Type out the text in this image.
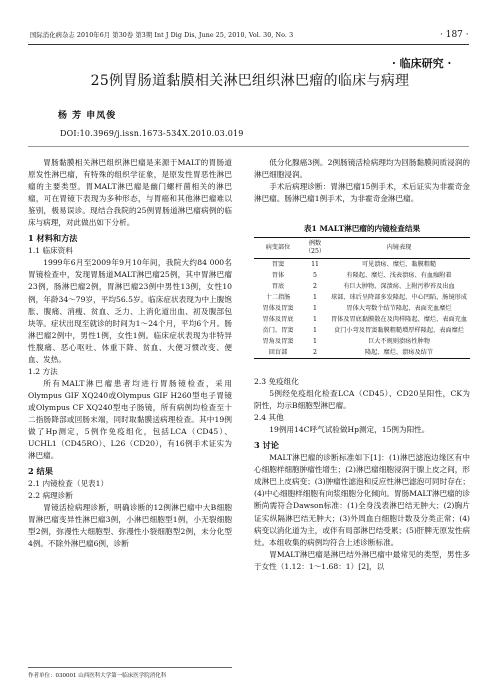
国际消化病杂志 2010年6月 第30卷 第3期 Int J Dig Dis, June 25, 2010, Vol. 30, No. 3	· 187 ·
· 临床研究 ·
25例胃肠道黏膜相关淋巴组织淋巴瘤的临床与病理
杨 芳 申凤俊
DOI:10.3969/j.issn.1673-534X.2010.03.019

胃肠黏膜相关淋巴组织淋巴瘤是来源于MALT的胃肠道原发性淋巴瘤，有特殊的组织学征象，是原发性胃恶性淋巴瘤的主要类型。胃MALT淋巴瘤是幽门螺杆菌相关的淋巴瘤，可在胃镜下表现为多种形态，与胃癌和其他淋巴瘤难以鉴别，极易误诊。现结合我院的25例胃肠道淋巴瘤病例的临床与病理，对此做出如下分析。

1 材料和方法

1.1 临床资料

1999年6月至2009年9月10年间，我院大约84 000名胃镜检查中，发现胃肠道MALT淋巴瘤25例，其中胃淋巴瘤23例，肠淋巴瘤2例，胃淋巴瘤23例中男性13例，女性10例，年龄34～79岁，平均56.5岁。临床症状表现为中上腹饱胀、腹痛、消瘦、贫血、乏力、上消化道出血、初及腹部包块等。症状出现至就诊的时间为1～24个月，平均6个月。肠淋巴瘤2例中，男性1例，女性1例。临床症状表现为非特异性腹痛、恶心呕吐、体重下降、贫血、大便习惯改变、便血、发热。

1.2 方法

所有MALT淋巴瘤患者均进行胃肠镜检查，采用Olympus GIF XQ240或Olympus GIF H260型电子胃镜或Olympus CF XQ240型电子肠镜，所有病例均检查至十二指肠降部或回肠末端，同时取黏膜送病理检查。其中19例做了Hp测定，5例作免疫组化，包括LCA（CD45）、UCHL1（CD45RO）、L26（CD20），有16例手术证实为淋巴瘤。

2 结果

2.1 内镜检查（见表1）

2.2 病理诊断

胃镜活检病理诊断，明确诊断的12例淋巴瘤中大B细胞胃淋巴瘤变异性淋巴瘤3例，小淋巴细胞型1例，小无裂细胞型2例，弥漫性大细胞型、弥漫性小裂细胞型2例，未分化型4例。不除外淋巴瘤6例，诊断

低分化腺癌3例。2例肠镜活检病理均为回肠黏膜间质浸润的淋巴细胞浸润。

手术后病理诊断：胃淋巴瘤15例手术，术后证实为非霍奇金淋巴瘤。肠淋巴瘤1例手术，为非霍奇金淋巴瘤。

表1 MALT淋巴瘤的内镜检查结果
病变部位	例数（25）	内镜表现
胃窦	11	可见溃疡、糜烂、黏膜粗糙
胃体	5	有隆起、糜烂、浅表溃疡、有血痂附着
胃底	2	有巨大肿物、深溃疡、上附污秽苔及出血
十二指肠	1	球部、球后呈降部多发隆起、中心凹陷、肠镜形成
胃体及胃窦	1	胃体大弯数个结节隆起、表面充血糜烂
胃体及胃底	1	胃体及胃底黏膜散在及肉样隆起、糜烂、表面充血
贲门、胃窦	1	贲门小弯及胃窦黏膜粗糙增厚样隆起、表面糜烂
胃角及胃窦	1	巨大不规则溃疡性肿物
回盲部	2	隆起、糜烂、溃疡及结节

2.3 免疫组化

5例经免疫组化检查LCA（CD45）、CD20呈阳性，CK为阴性，均示B细胞型淋巴瘤。

2.4 其他

19例用14C呼气试验做Hp测定，15例为阳性。

3 讨论

MALT淋巴瘤的诊断标准如下[1]：(1)淋巴滤泡边缘区有中心细胞样细胞肿瘤性增生；(2)淋巴瘤细胞浸润于腺上皮之间，形成淋巴上皮病变；(3)肿瘤性滤泡和反应性淋巴滤泡可同时存在；(4)中心细胞样细胞有向浆细胞分化倾向。胃肠MALT淋巴瘤的诊断尚需符合Dawson标准：(1)全身浅表淋巴结无肿大；(2)胸片证实纵隔淋巴结无肿大；(3)外周血白细胞计数及分类正常；(4)病变以消化道为主，或伴有局部淋巴结受累；(5)肝脾无原发性病灶。本组收集的病例均符合上述诊断标准。

胃MALT淋巴瘤是淋巴结外淋巴瘤中最常见的类型，男性多于女性（1.12：1～1.68：1）[2]，以

作者单位：030001 山西医科大学第一临床医学院消化科
